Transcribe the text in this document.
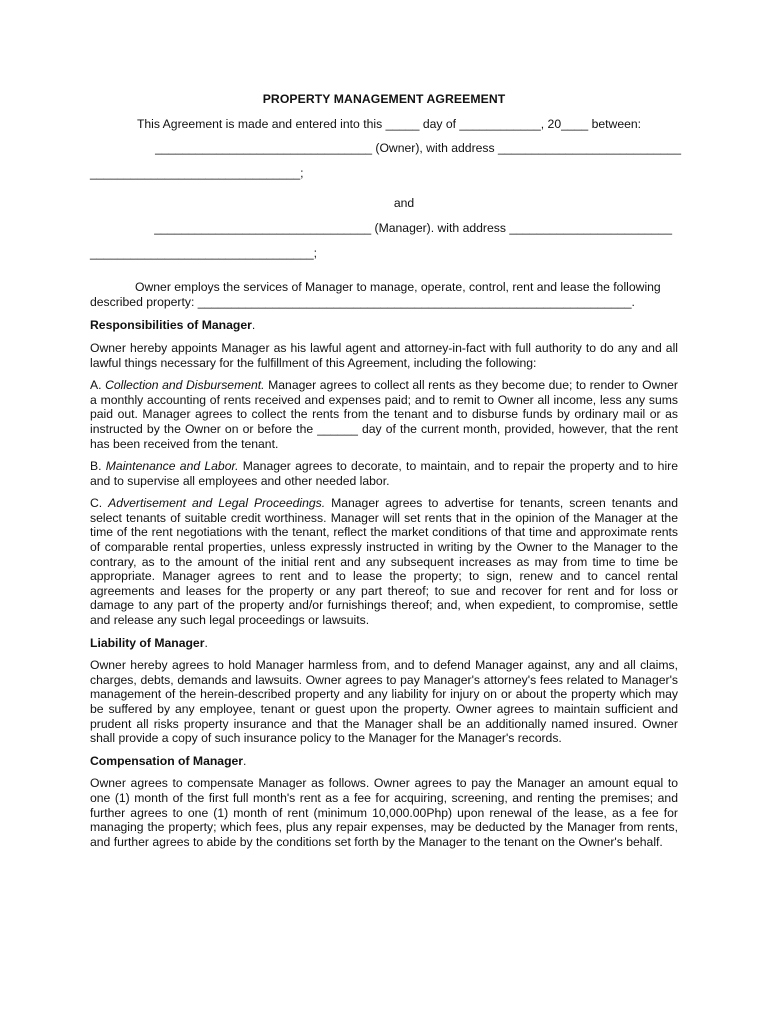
PROPERTY MANAGEMENT AGREEMENT

This Agreement is made and entered into this _____ day of ____________, 20____ between:

________________________________ (Owner), with address ___________________________

_______________________________;

and

________________________________ (Manager). with address ________________________

_________________________________;

Owner employs the services of Manager to manage, operate, control, rent and lease the following

described property: ________________________________________________________________.

Responsibilities of Manager.

Owner hereby appoints Manager as his lawful agent and attorney-in-fact with full authority to do any and all lawful things necessary for the fulfillment of this Agreement, including the following:

A. Collection and Disbursement. Manager agrees to collect all rents as they become due; to render to Owner a monthly accounting of rents received and expenses paid; and to remit to Owner all income, less any sums paid out. Manager agrees to collect the rents from the tenant and to disburse funds by ordinary mail or as instructed by the Owner on or before the ______ day of the current month, provided, however, that the rent has been received from the tenant.

B. Maintenance and Labor. Manager agrees to decorate, to maintain, and to repair the property and to hire and to supervise all employees and other needed labor.

C. Advertisement and Legal Proceedings. Manager agrees to advertise for tenants, screen tenants and select tenants of suitable credit worthiness. Manager will set rents that in the opinion of the Manager at the time of the rent negotiations with the tenant, reflect the market conditions of that time and approximate rents of comparable rental properties, unless expressly instructed in writing by the Owner to the Manager to the contrary, as to the amount of the initial rent and any subsequent increases as may from time to time be appropriate. Manager agrees to rent and to lease the property; to sign, renew and to cancel rental agreements and leases for the property or any part thereof; to sue and recover for rent and for loss or damage to any part of the property and/or furnishings thereof; and, when expedient, to compromise, settle and release any such legal proceedings or lawsuits.

Liability of Manager.

Owner hereby agrees to hold Manager harmless from, and to defend Manager against, any and all claims, charges, debts, demands and lawsuits. Owner agrees to pay Manager's attorney's fees related to Manager's management of the herein-described property and any liability for injury on or about the property which may be suffered by any employee, tenant or guest upon the property. Owner agrees to maintain sufficient and prudent all risks property insurance and that the Manager shall be an additionally named insured. Owner shall provide a copy of such insurance policy to the Manager for the Manager's records.

Compensation of Manager.

Owner agrees to compensate Manager as follows. Owner agrees to pay the Manager an amount equal to one (1) month of the first full month's rent as a fee for acquiring, screening, and renting the premises; and further agrees to one (1) month of rent (minimum 10,000.00Php) upon renewal of the lease, as a fee for managing the property; which fees, plus any repair expenses, may be deducted by the Manager from rents, and further agrees to abide by the conditions set forth by the Manager to the tenant on the Owner's behalf.
